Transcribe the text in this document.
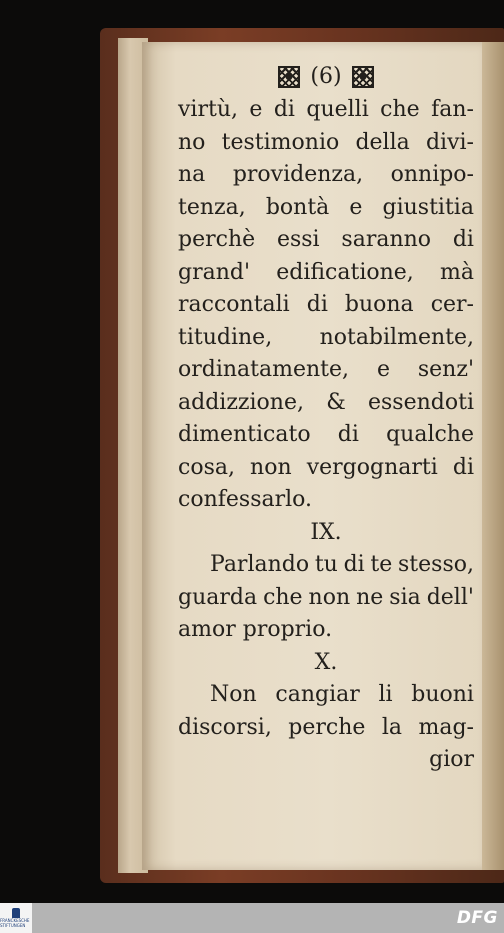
(6)
virtù, e di quelli che fan-
no testimonio della divi-
na providenza, onnipo-
tenza, bontà e giustitia
perchè essi saranno di
grand' edificatione, mà
raccontali di buona cer-
titudine, notabilmente,
ordinatamente, e senz'
addizzione, & essendoti
dimenticato di qualche
cosa, non vergognarti di
confessarlo.
IX.
Parlando tu di te stesso,
guarda che non ne sia dell'
amor proprio.
X.
Non cangiar li buoni
discorsi, perche la mag-
gior
FRANCKESCHE STIFTUNGEN	DFG
